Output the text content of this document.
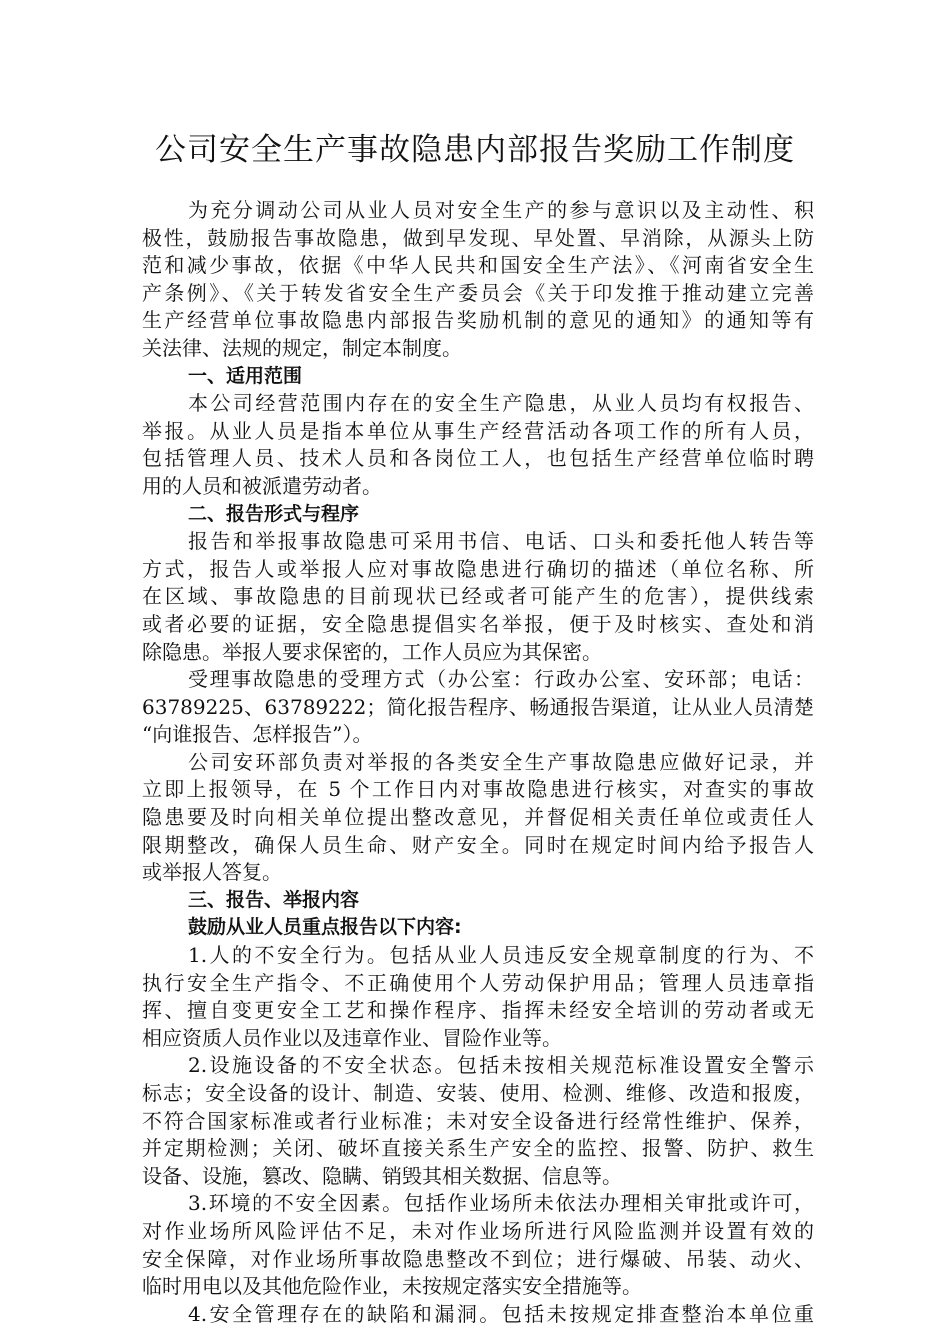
公司安全生产事故隐患内部报告奖励工作制度
为充分调动公司从业人员对安全生产的参与意识以及主动性、积
极性，鼓励报告事故隐患，做到早发现、早处置、早消除，从源头上防
范和减少事故，依据《中华人民共和国安全生产法》、《河南省安全生
产条例》、《关于转发省安全生产委员会《关于印发推于推动建立完善
生产经营单位事故隐患内部报告奖励机制的意见的通知》的通知等有
关法律、法规的规定，制定本制度。
一、适用范围
本公司经营范围内存在的安全生产隐患，从业人员均有权报告、
举报。从业人员是指本单位从事生产经营活动各项工作的所有人员，
包括管理人员、技术人员和各岗位工人，也包括生产经营单位临时聘
用的人员和被派遣劳动者。
二、报告形式与程序
报告和举报事故隐患可采用书信、电话、口头和委托他人转告等
方式，报告人或举报人应对事故隐患进行确切的描述（单位名称、所
在区域、事故隐患的目前现状已经或者可能产生的危害），提供线索
或者必要的证据，安全隐患提倡实名举报，便于及时核实、查处和消
除隐患。举报人要求保密的，工作人员应为其保密。
受理事故隐患的受理方式（办公室：行政办公室、安环部；电话：
63789225、63789222；简化报告程序、畅通报告渠道，让从业人员清楚
“向谁报告、怎样报告”）。
公司安环部负责对举报的各类安全生产事故隐患应做好记录，并
立即上报领导，在 5 个工作日内对事故隐患进行核实，对查实的事故
隐患要及时向相关单位提出整改意见，并督促相关责任单位或责任人
限期整改，确保人员生命、财产安全。同时在规定时间内给予报告人
或举报人答复。
三、报告、举报内容
鼓励从业人员重点报告以下内容:
1.人的不安全行为。包括从业人员违反安全规章制度的行为、不
执行安全生产指令、不正确使用个人劳动保护用品；管理人员违章指
挥、擅自变更安全工艺和操作程序、指挥未经安全培训的劳动者或无
相应资质人员作业以及违章作业、冒险作业等。
2.设施设备的不安全状态。包括未按相关规范标准设置安全警示
标志；安全设备的设计、制造、安装、使用、检测、维修、改造和报废，
不符合国家标准或者行业标准；未对安全设备进行经常性维护、保养，
并定期检测；关闭、破坏直接关系生产安全的监控、报警、防护、救生
设备、设施，篡改、隐瞒、销毁其相关数据、信息等。
3.环境的不安全因素。包括作业场所未依法办理相关审批或许可，
对作业场所风险评估不足，未对作业场所进行风险监测并设置有效的
安全保障，对作业场所事故隐患整改不到位；进行爆破、吊装、动火、
临时用电以及其他危险作业，未按规定落实安全措施等。
4.安全管理存在的缺陷和漏洞。包括未按规定排查整治本单位重
